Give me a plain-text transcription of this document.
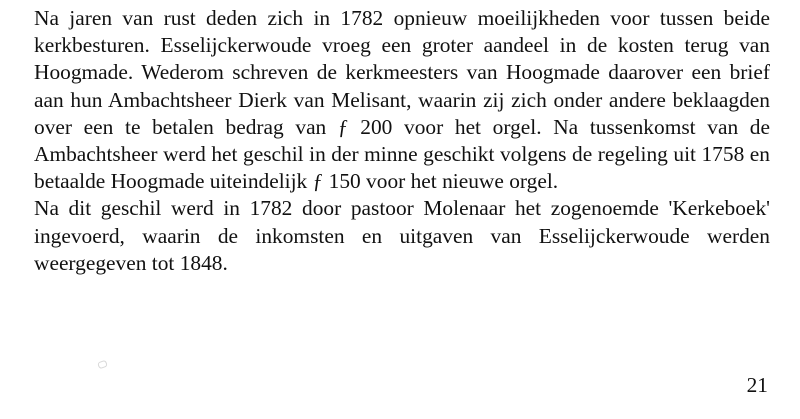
Na jaren van rust deden zich in 1782 opnieuw moeilijkheden voor tussen beide kerkbesturen. Esselijckerwoude vroeg een groter aandeel in de kosten terug van Hoogmade. Wederom schreven de kerkmeesters van Hoogmade daarover een brief aan hun Ambachtsheer Dierk van Melisant, waarin zij zich onder andere beklaagden over een te betalen bedrag van ƒ 200 voor het orgel. Na tussenkomst van de Ambachtsheer werd het geschil in der minne geschikt volgens de regeling uit 1758 en betaalde Hoogmade uiteindelijk ƒ 150 voor het nieuwe orgel.

Na dit geschil werd in 1782 door pastoor Molenaar het zogenoemde 'Kerkeboek' ingevoerd, waarin de inkomsten en uitgaven van Esselijckerwoude werden weergegeven tot 1848.

21
